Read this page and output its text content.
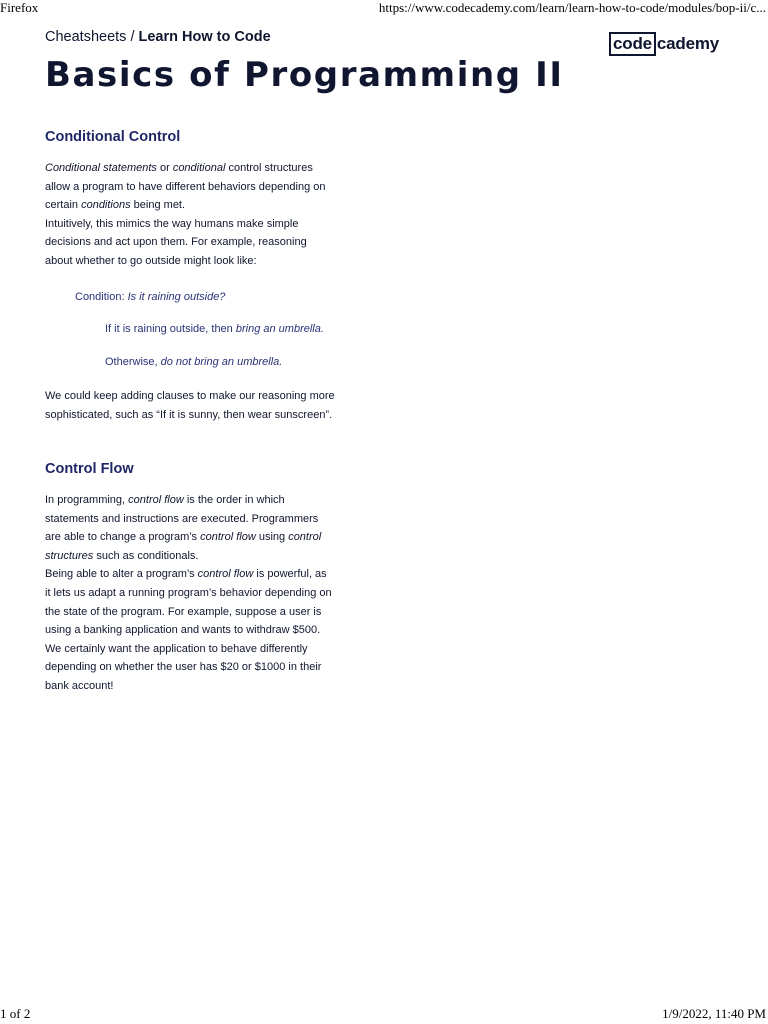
Firefox	https://www.codecademy.com/learn/learn-how-to-code/modules/bop-ii/c...
Cheatsheets / Learn How to Code	code cademy
Basics of Programming II
Conditional Control

Conditional statements or conditional control structures allow a program to have different behaviors depending on certain conditions being met.

Intuitively, this mimics the way humans make simple decisions and act upon them. For example, reasoning about whether to go outside might look like:

Condition: Is it raining outside?

If it is raining outside, then bring an umbrella.

Otherwise, do not bring an umbrella.

We could keep adding clauses to make our reasoning more sophisticated, such as “If it is sunny, then wear sunscreen”.

Control Flow

In programming, control flow is the order in which statements and instructions are executed. Programmers are able to change a program’s control flow using control structures such as conditionals.

Being able to alter a program’s control flow is powerful, as it lets us adapt a running program’s behavior depending on the state of the program. For example, suppose a user is using a banking application and wants to withdraw $500. We certainly want the application to behave differently depending on whether the user has $20 or $1000 in their bank account!

1 of 2	1/9/2022, 11:40 PM
